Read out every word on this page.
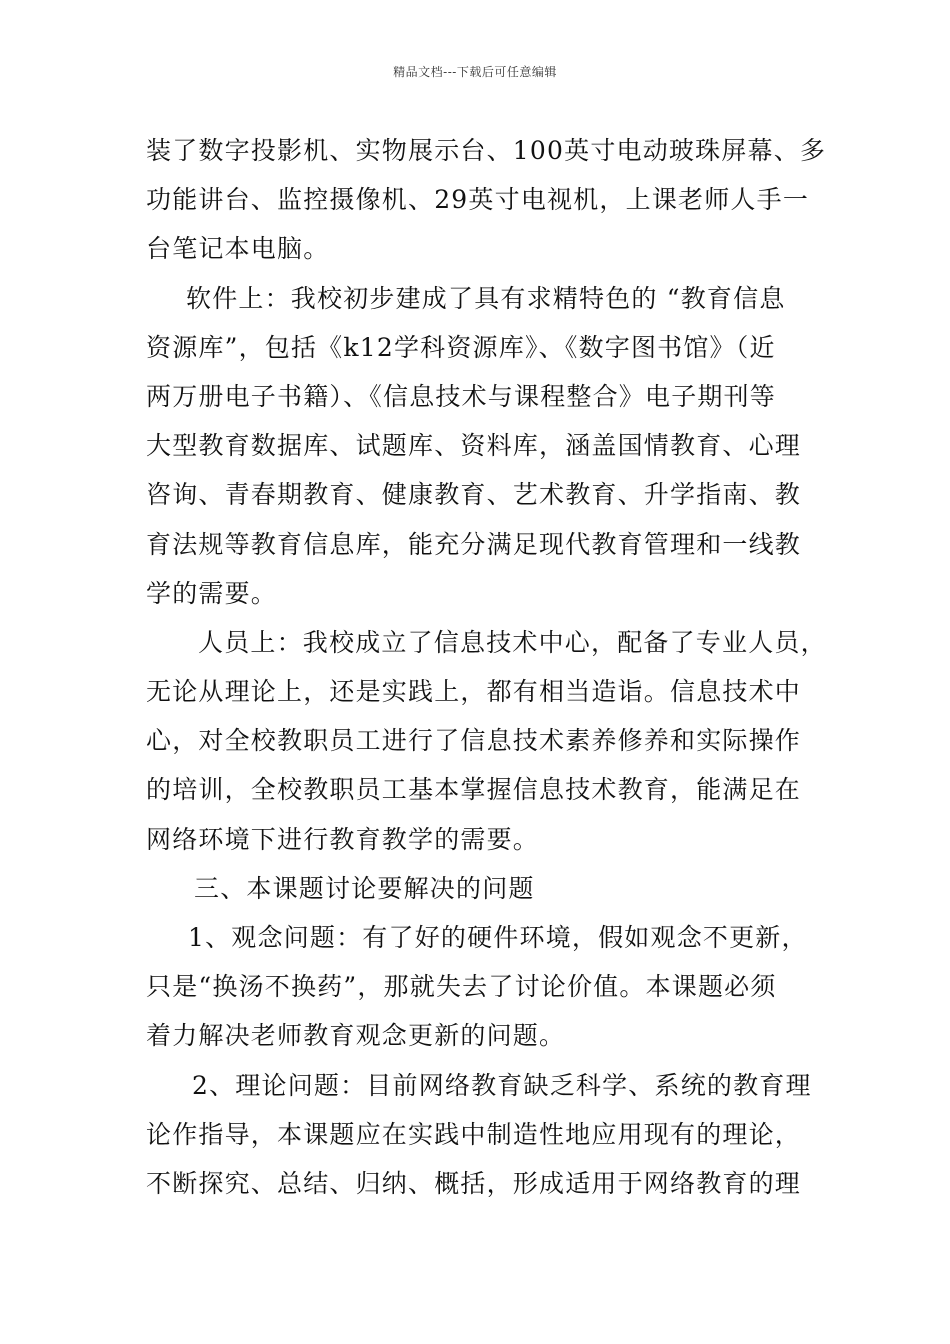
精品文档---下载后可任意编辑
装了数字投影机、实物展示台、100英寸电动玻珠屏幕、多
功能讲台、监控摄像机、29英寸电视机，上课老师人手一
台笔记本电脑。
软件上：我校初步建成了具有求精特色的 “教育信息
资源库”，包括《k12学科资源库》、《数字图书馆》（近
两万册电子书籍）、《信息技术与课程整合》电子期刊等
大型教育数据库、试题库、资料库，涵盖国情教育、心理
咨询、青春期教育、健康教育、艺术教育、升学指南、教
育法规等教育信息库，能充分满足现代教育管理和一线教
学的需要。
人员上：我校成立了信息技术中心，配备了专业人员，
无论从理论上，还是实践上，都有相当造诣。信息技术中
心，对全校教职员工进行了信息技术素养修养和实际操作
的培训，全校教职员工基本掌握信息技术教育，能满足在
网络环境下进行教育教学的需要。
三、本课题讨论要解决的问题
1、观念问题：有了好的硬件环境，假如观念不更新，
只是“换汤不换药”，那就失去了讨论价值。本课题必须
着力解决老师教育观念更新的问题。
2、理论问题：目前网络教育缺乏科学、系统的教育理
论作指导，本课题应在实践中制造性地应用现有的理论，
不断探究、总结、归纳、概括，形成适用于网络教育的理
